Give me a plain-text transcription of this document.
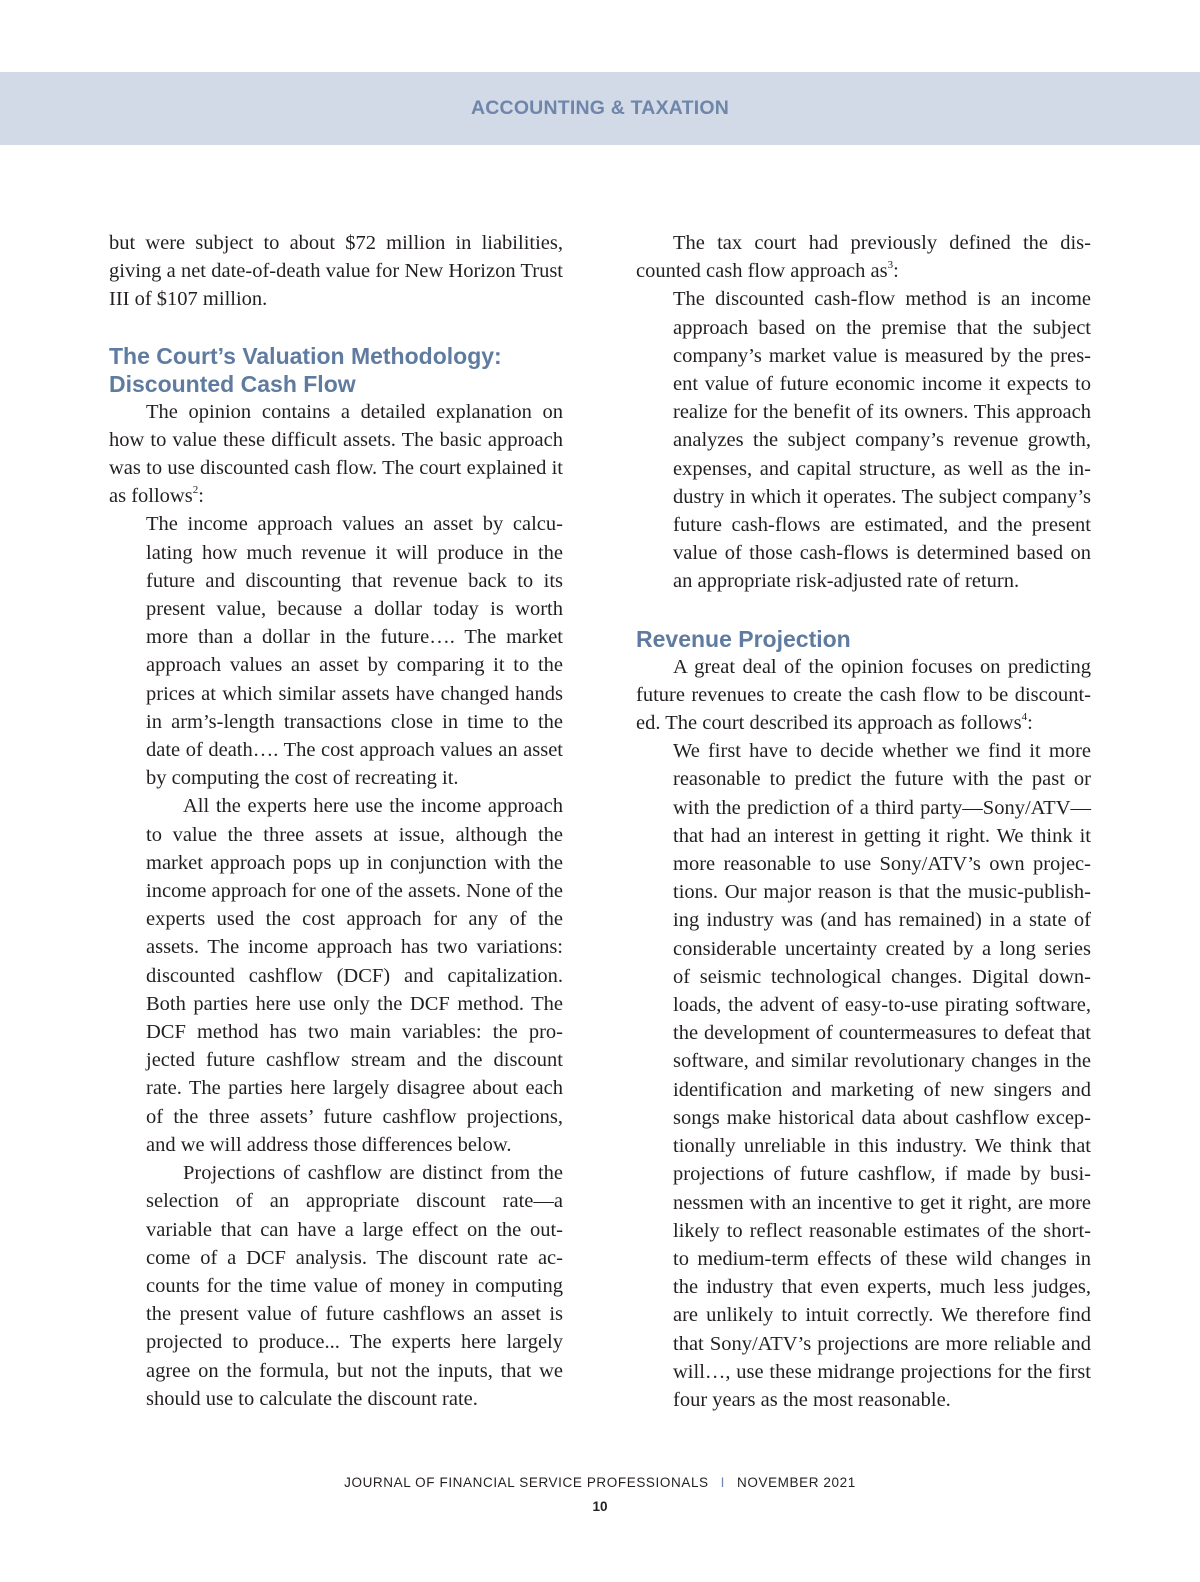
ACCOUNTING & TAXATION

but were subject to about $72 million in liabilities, giving a net date-of-death value for New Horizon Trust III of $107 million.

The Court’s Valuation Methodology: Discounted Cash Flow

The opinion contains a detailed explanation on how to value these difficult assets. The basic approach was to use discounted cash flow. The court explained it as follows$^2$:

The income approach values an asset by calculating how much revenue it will produce in the future and discounting that revenue back to its present value, because a dollar today is worth more than a dollar in the future…. The market approach values an asset by comparing it to the prices at which similar assets have changed hands in arm’s-length transactions close in time to the date of death…. The cost approach values an asset by computing the cost of recreating it.

All the experts here use the income approach to value the three assets at issue, although the market approach pops up in conjunction with the income approach for one of the assets. None of the experts used the cost approach for any of the assets. The income approach has two variations: discounted cashflow (DCF) and capitalization. Both parties here use only the DCF method. The DCF method has two main variables: the projected future cashflow stream and the discount rate. The parties here largely disagree about each of the three assets’ future cashflow projections, and we will address those differences below.

Projections of cashflow are distinct from the selection of an appropriate discount rate—a variable that can have a large effect on the outcome of a DCF analysis. The discount rate accounts for the time value of money in computing the present value of future cashflows an asset is projected to produce... The experts here largely agree on the formula, but not the inputs, that we should use to calculate the discount rate.

The tax court had previously defined the discounted cash flow approach $as^3$:

The discounted cash-flow method is an income approach based on the premise that the subject company’s market value is measured by the present value of future economic income it expects to realize for the benefit of its owners. This approach analyzes the subject company’s revenue growth, expenses, and capital structure, as well as the industry in which it operates. The subject company’s future cash-flows are estimated, and the present value of those cash-flows is determined based on an appropriate risk-adjusted rate of return.

Revenue Projection

A great deal of the opinion focuses on predicting future revenues to create the cash flow to be discounted. The court described its approach as follows$^4$:

We first have to decide whether we find it more reasonable to predict the future with the past or with the prediction of a third party—Sony/ATV—that had an interest in getting it right. We think it more reasonable to use Sony/ATV’s own projections. Our major reason is that the music-publishing industry was (and has remained) in a state of considerable uncertainty created by a long series of seismic technological changes. Digital downloads, the advent of easy-to-use pirating software, the development of countermeasures to defeat that software, and similar revolutionary changes in the identification and marketing of new singers and songs make historical data about cashflow exceptionally unreliable in this industry. We think that projections of future cashflow, if made by businessmen with an incentive to get it right, are more likely to reflect reasonable estimates of the short- to medium-term effects of these wild changes in the industry that even experts, much less judges, are unlikely to intuit correctly. We therefore find that Sony/ATV’s projections are more reliable and will…, use these midrange projections for the first four years as the most reasonable.

JOURNAL OF FINANCIAL SERVICE PROFESSIONALS I NOVEMBER 2021
10
